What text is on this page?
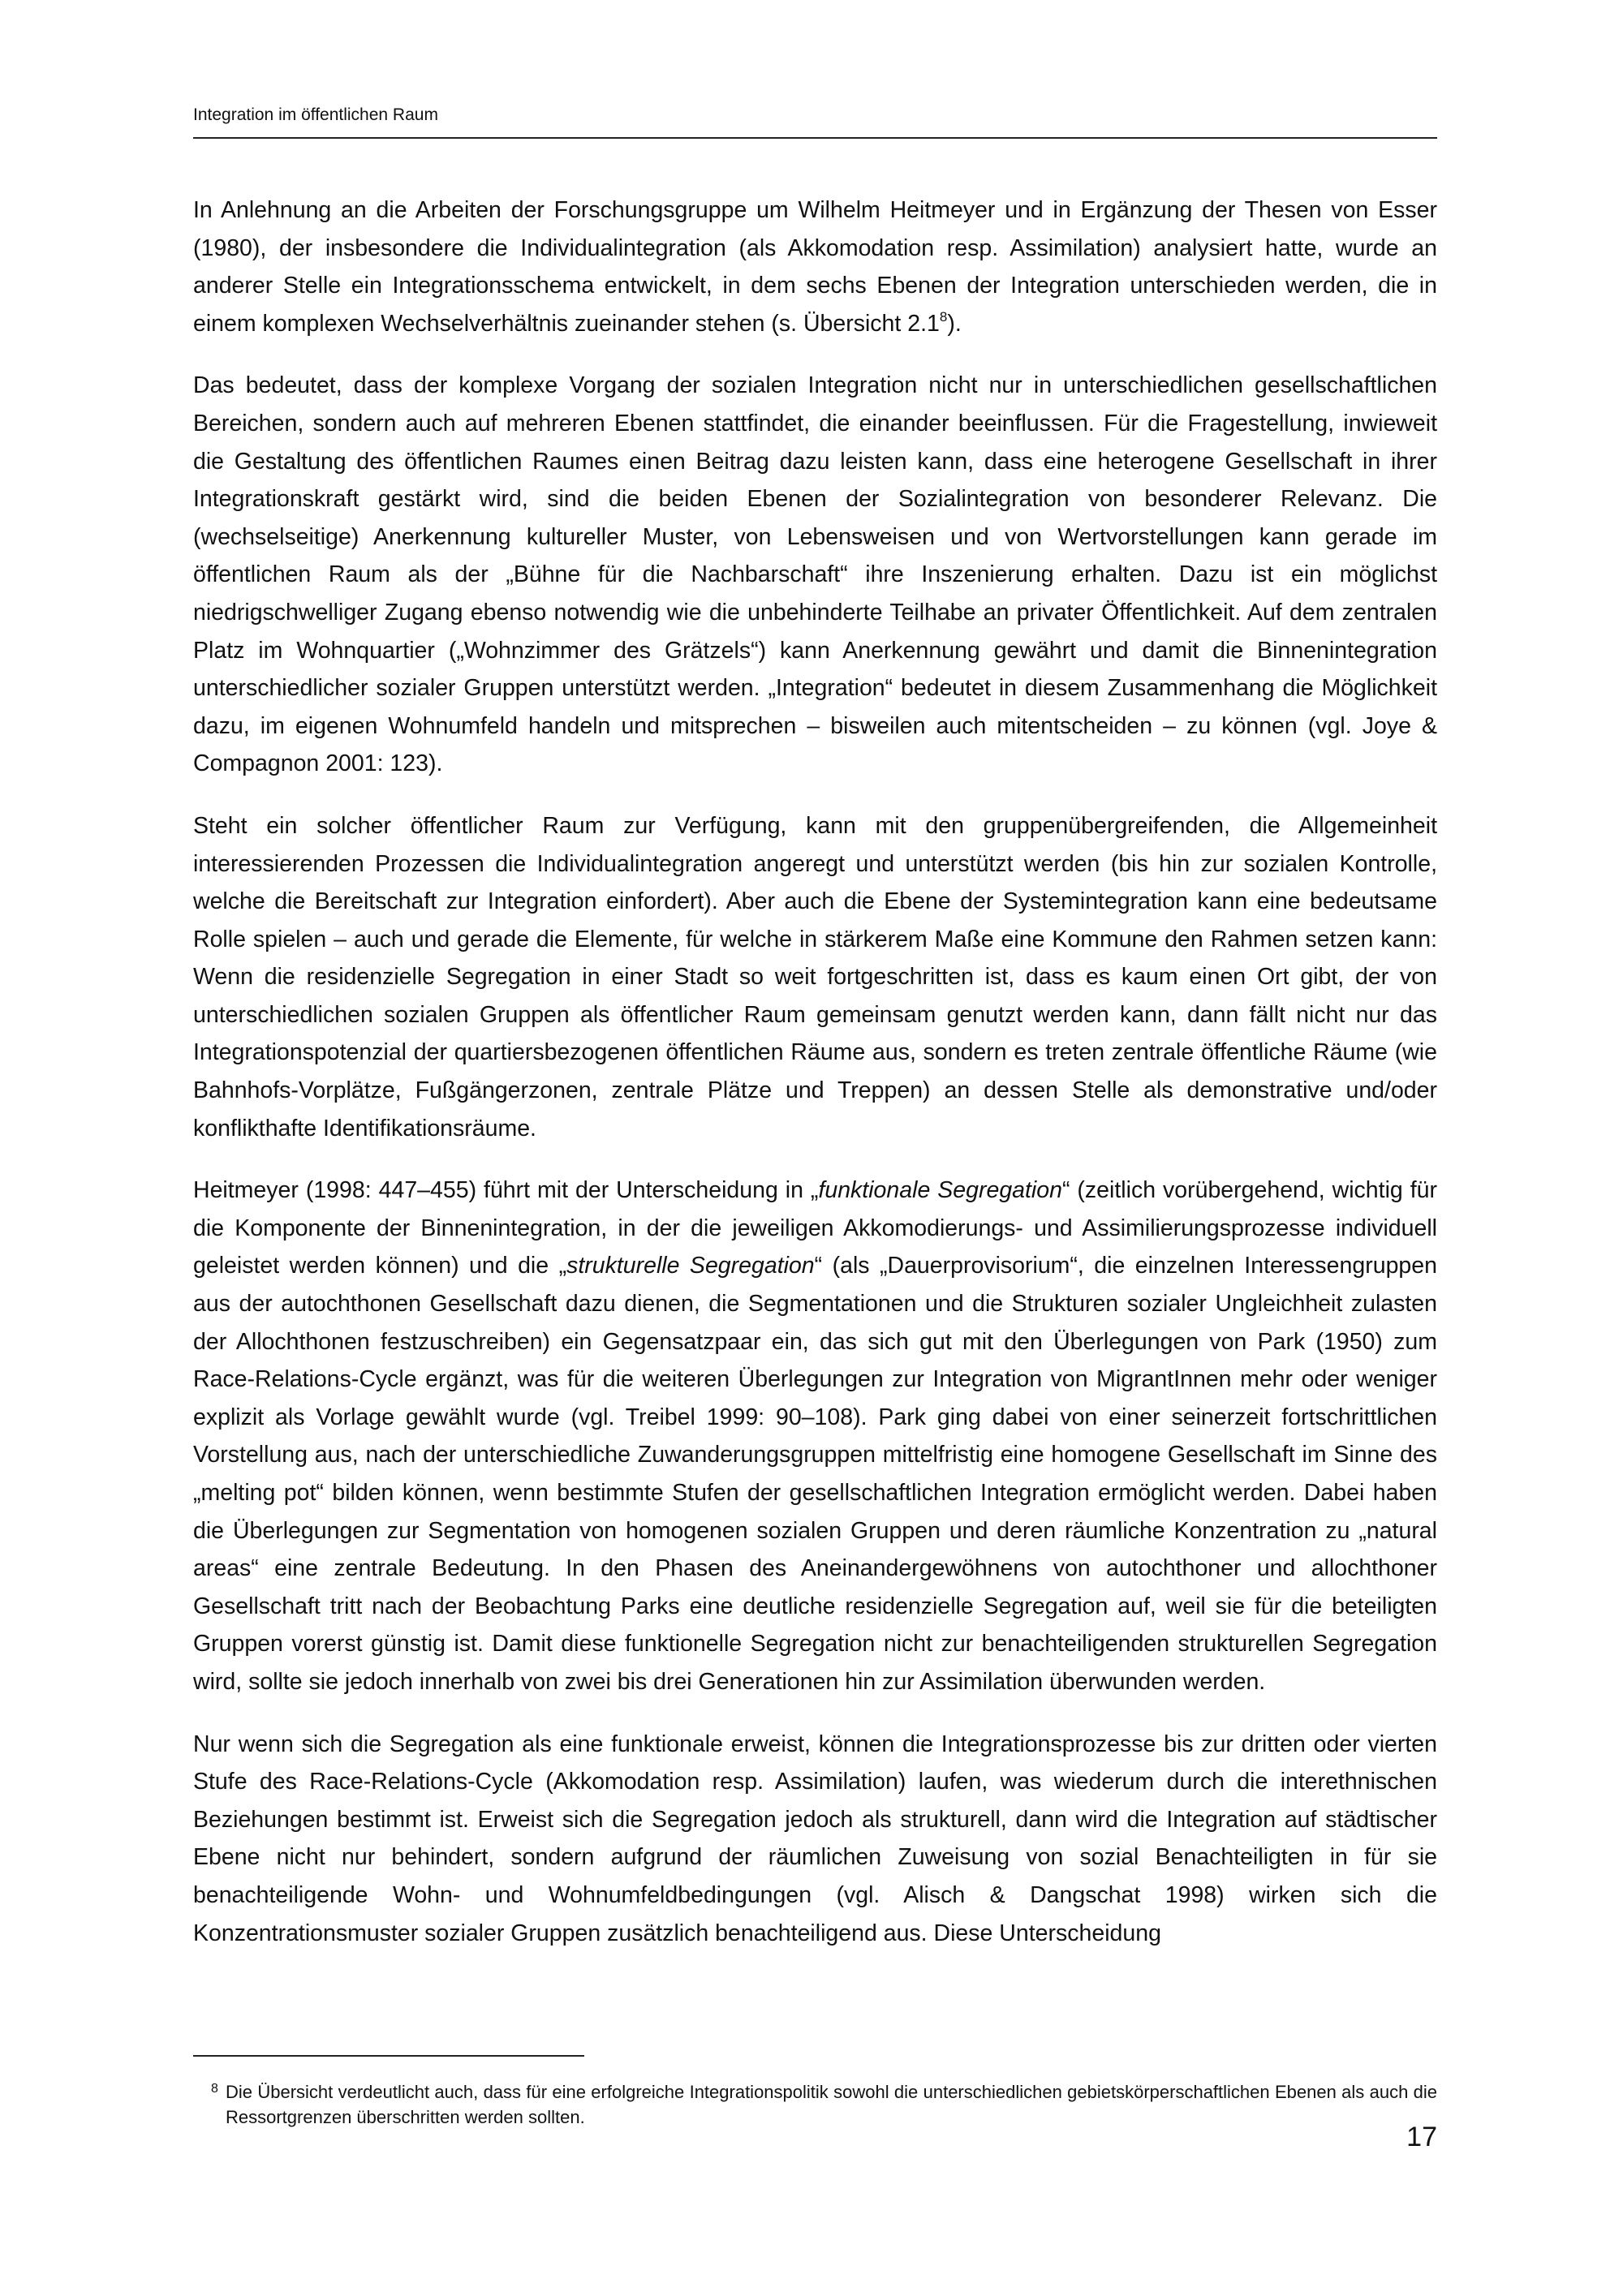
Integration im öffentlichen Raum

In Anlehnung an die Arbeiten der Forschungsgruppe um Wilhelm Heitmeyer und in Ergänzung der Thesen von Esser (1980), der insbesondere die Individualintegration (als Akkomodation resp. Assimilation) analysiert hatte, wurde an anderer Stelle ein Integrationsschema entwickelt, in dem sechs Ebenen der Integration unterschieden werden, die in einem komplexen Wechselverhältnis zueinander stehen (s. Übersicht $2.1^8$).

Das bedeutet, dass der komplexe Vorgang der sozialen Integration nicht nur in unterschiedlichen gesellschaftlichen Bereichen, sondern auch auf mehreren Ebenen stattfindet, die einander beeinflussen. Für die Fragestellung, inwieweit die Gestaltung des öffentlichen Raumes einen Beitrag dazu leisten kann, dass eine heterogene Gesellschaft in ihrer Integrationskraft gestärkt wird, sind die beiden Ebenen der Sozialintegration von besonderer Relevanz. Die (wechselseitige) Anerkennung kultureller Muster, von Lebensweisen und von Wertvorstellungen kann gerade im öffentlichen Raum als der „Bühne für die Nachbarschaft“ ihre Inszenierung erhalten. Dazu ist ein möglichst niedrigschwelliger Zugang ebenso notwendig wie die unbehinderte Teilhabe an privater Öffentlichkeit. Auf dem zentralen Platz im Wohnquartier („Wohnzimmer des Grätzels“) kann Anerkennung gewährt und damit die Binnenintegration unterschiedlicher sozialer Gruppen unterstützt werden. „Integration“ bedeutet in diesem Zusammenhang die Möglichkeit dazu, im eigenen Wohnumfeld handeln und mitsprechen – bisweilen auch mitentscheiden – zu können (vgl. Joye & Compagnon 2001: 123).

Steht ein solcher öffentlicher Raum zur Verfügung, kann mit den gruppenübergreifenden, die Allgemeinheit interessierenden Prozessen die Individualintegration angeregt und unterstützt werden (bis hin zur sozialen Kontrolle, welche die Bereitschaft zur Integration einfordert). Aber auch die Ebene der Systemintegration kann eine bedeutsame Rolle spielen – auch und gerade die Elemente, für welche in stärkerem Maße eine Kommune den Rahmen setzen kann: Wenn die residenzielle Segregation in einer Stadt so weit fortgeschritten ist, dass es kaum einen Ort gibt, der von unterschiedlichen sozialen Gruppen als öffentlicher Raum gemeinsam genutzt werden kann, dann fällt nicht nur das Integrationspotenzial der quartiersbezogenen öffentlichen Räume aus, sondern es treten zentrale öffentliche Räume (wie Bahnhofs-Vorplätze, Fußgängerzonen, zentrale Plätze und Treppen) an dessen Stelle als demonstrative und/oder konflikthafte Identifikationsräume.

Heitmeyer (1998: 447–455) führt mit der Unterscheidung in „funktionale Segregation“ (zeitlich vorübergehend, wichtig für die Komponente der Binnenintegration, in der die jeweiligen Akkomodierungs- und Assimilierungsprozesse individuell geleistet werden können) und die „strukturelle Segregation“ (als „Dauerprovisorium“, die einzelnen Interessengruppen aus der autochthonen Gesellschaft dazu dienen, die Segmentationen und die Strukturen sozialer Ungleichheit zulasten der Allochthonen festzuschreiben) ein Gegensatzpaar ein, das sich gut mit den Überlegungen von Park (1950) zum Race-Relations-Cycle ergänzt, was für die weiteren Überlegungen zur Integration von MigrantInnen mehr oder weniger explizit als Vorlage gewählt wurde (vgl. Treibel 1999: 90–108). Park ging dabei von einer seinerzeit fortschrittlichen Vorstellung aus, nach der unterschiedliche Zuwanderungsgruppen mittelfristig eine homogene Gesellschaft im Sinne des „melting pot“ bilden können, wenn bestimmte Stufen der gesellschaftlichen Integration ermöglicht werden. Dabei haben die Überlegungen zur Segmentation von homogenen sozialen Gruppen und deren räumliche Konzentration zu „natural areas“ eine zentrale Bedeutung. In den Phasen des Aneinandergewöhnens von autochthoner und allochthoner Gesellschaft tritt nach der Beobachtung Parks eine deutliche residenzielle Segregation auf, weil sie für die beteiligten Gruppen vorerst günstig ist. Damit diese funktionelle Segregation nicht zur benachteiligenden strukturellen Segregation wird, sollte sie jedoch innerhalb von zwei bis drei Generationen hin zur Assimilation überwunden werden.

Nur wenn sich die Segregation als eine funktionale erweist, können die Integrationsprozesse bis zur dritten oder vierten Stufe des Race-Relations-Cycle (Akkomodation resp. Assimilation) laufen, was wiederum durch die interethnischen Beziehungen bestimmt ist. Erweist sich die Segregation jedoch als strukturell, dann wird die Integration auf städtischer Ebene nicht nur behindert, sondern aufgrund der räumlichen Zuweisung von sozial Benachteiligten in für sie benachteiligende Wohn- und Wohnumfeldbedingungen (vgl. Alisch & Dangschat 1998) wirken sich die Konzentrationsmuster sozialer Gruppen zusätzlich benachteiligend aus. Diese Unterscheidung

8 Die Übersicht verdeutlicht auch, dass für eine erfolgreiche Integrationspolitik sowohl die unterschiedlichen gebietskörperschaftlichen Ebenen als auch die Ressortgrenzen überschritten werden sollten.
17
